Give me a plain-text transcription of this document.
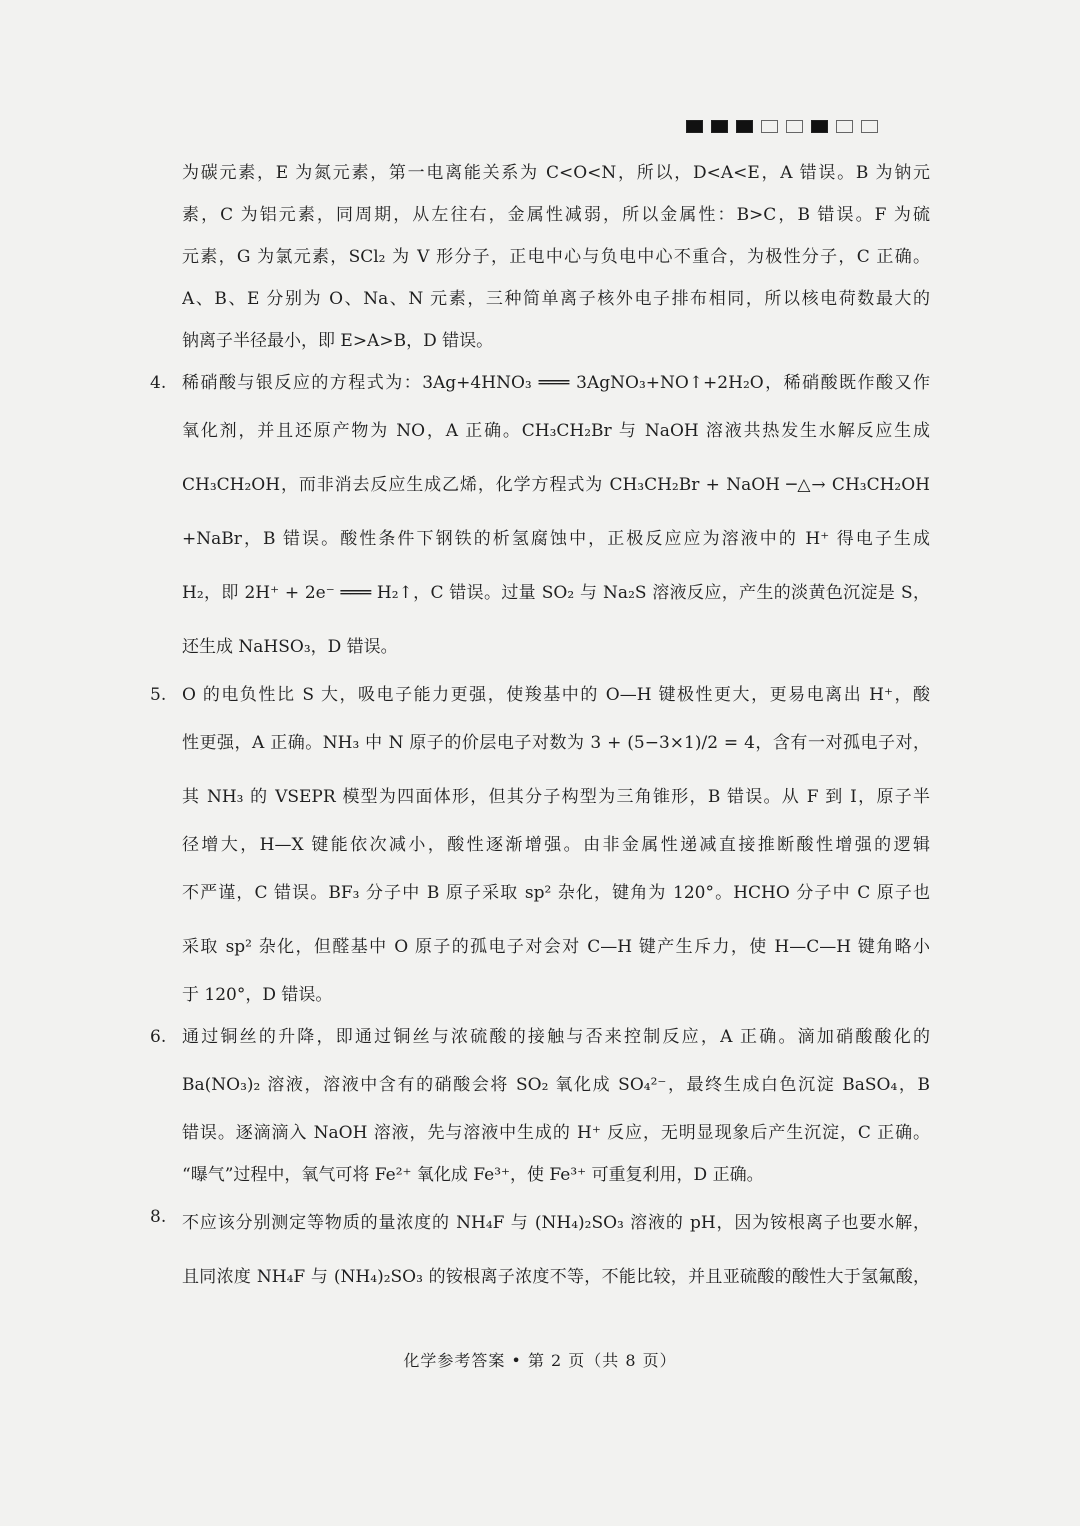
为碳元素，E 为氮元素，第一电离能关系为 C<O<N，所以，D<A<E，A 错误。B 为钠元
素，C 为铝元素，同周期，从左往右，金属性减弱，所以金属性：B>C，B 错误。F 为硫
元素，G 为氯元素，SCl₂ 为 V 形分子，正电中心与负电中心不重合，为极性分子，C 正确。
A、B、E 分别为 O、Na、N 元素，三种简单离子核外电子排布相同，所以核电荷数最大的
钠离子半径最小，即 E>A>B，D 错误。
4. 稀硝酸与银反应的方程式为：3Ag+4HNO₃ ═══ 3AgNO₃+NO↑+2H₂O，稀硝酸既作酸又作
氧化剂，并且还原产物为 NO，A 正确。CH₃CH₂Br 与 NaOH 溶液共热发生水解反应生成
CH₃CH₂OH，而非消去反应生成乙烯，化学方程式为 CH₃CH₂Br + NaOH ─△→ CH₃CH₂OH
+NaBr，B 错误。酸性条件下钢铁的析氢腐蚀中，正极反应应为溶液中的 H⁺ 得电子生成
H₂，即 2H⁺ + 2e⁻ ═══ H₂↑，C 错误。过量 SO₂ 与 Na₂S 溶液反应，产生的淡黄色沉淀是 S，
还生成 NaHSO₃，D 错误。
5. O 的电负性比 S 大，吸电子能力更强，使羧基中的 O—H 键极性更大，更易电离出 H⁺，酸
性更强，A 正确。NH₃ 中 N 原子的价层电子对数为 3 + (5−3×1)/2 = 4，含有一对孤电子对，
其 NH₃ 的 VSEPR 模型为四面体形，但其分子构型为三角锥形，B 错误。从 F 到 I，原子半
径增大，H—X 键能依次减小，酸性逐渐增强。由非金属性递减直接推断酸性增强的逻辑
不严谨，C 错误。BF₃ 分子中 B 原子采取 sp² 杂化，键角为 120°。HCHO 分子中 C 原子也
采取 sp² 杂化，但醛基中 O 原子的孤电子对会对 C—H 键产生斥力，使 H—C—H 键角略小
于 120°，D 错误。
6. 通过铜丝的升降，即通过铜丝与浓硫酸的接触与否来控制反应，A 正确。滴加硝酸酸化的
Ba(NO₃)₂ 溶液，溶液中含有的硝酸会将 SO₂ 氧化成 SO₄²⁻，最终生成白色沉淀 BaSO₄，B
错误。逐滴滴入 NaOH 溶液，先与溶液中生成的 H⁺ 反应，无明显现象后产生沉淀，C 正确。
“曝气”过程中，氧气可将 Fe²⁺ 氧化成 Fe³⁺，使 Fe³⁺ 可重复利用，D 正确。
8. 不应该分别测定等物质的量浓度的 NH₄F 与 (NH₄)₂SO₃ 溶液的 pH，因为铵根离子也要水解，
且同浓度 NH₄F 与 (NH₄)₂SO₃ 的铵根离子浓度不等，不能比较，并且亚硫酸的酸性大于氢氟酸，
化学参考答案 • 第 2 页（共 8 页）
